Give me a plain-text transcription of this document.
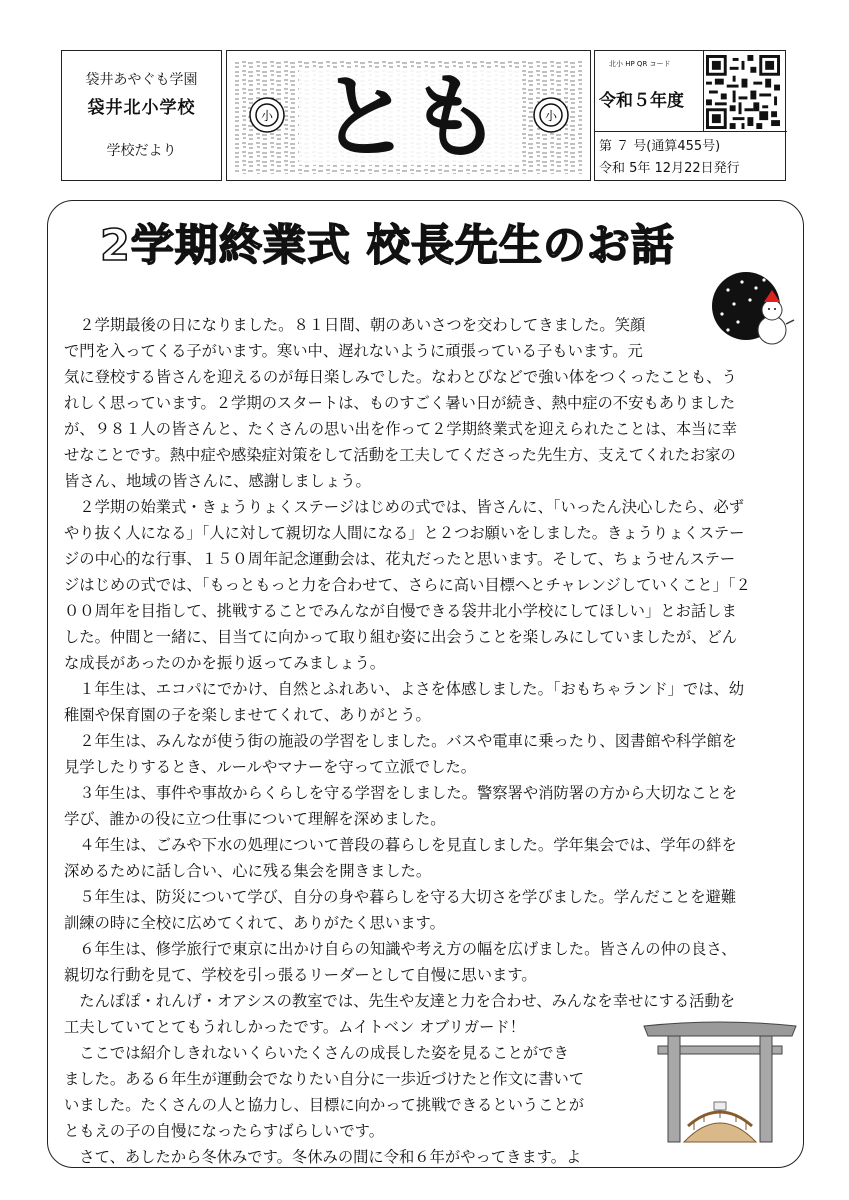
袋井あやぐも学園
袋井北小学校
学校だより
小	小
とも	北小 HP QR コード
令和５年度
第 ７ 号(通算455号)
令和 5年 12月22日発行
2学期終業式 校長先生のお話
２学期最後の日になりました。８１日間、朝のあいさつを交わしてきました。笑顔
で門を入ってくる子がいます。寒い中、遅れないように頑張っている子もいます。元
気に登校する皆さんを迎えるのが毎日楽しみでした。なわとびなどで強い体をつくったことも、う
れしく思っています。２学期のスタートは、ものすごく暑い日が続き、熱中症の不安もありました
が、９８１人の皆さんと、たくさんの思い出を作って２学期終業式を迎えられたことは、本当に幸
せなことです。熱中症や感染症対策をして活動を工夫してくださった先生方、支えてくれたお家の
皆さん、地域の皆さんに、感謝しましょう。
２学期の始業式・きょうりょくステージはじめの式では、皆さんに、「いったん決心したら、必ず
やり抜く人になる」「人に対して親切な人間になる」と２つお願いをしました。きょうりょくステー
ジの中心的な行事、１５０周年記念運動会は、花丸だったと思います。そして、ちょうせんステー
ジはじめの式では、「もっともっと力を合わせて、さらに高い目標へとチャレンジしていくこと」「２
００周年を目指して、挑戦することでみんなが自慢できる袋井北小学校にしてほしい」とお話しま
した。仲間と一緒に、目当てに向かって取り組む姿に出会うことを楽しみにしていましたが、どん
な成長があったのかを振り返ってみましょう。
１年生は、エコパにでかけ、自然とふれあい、よさを体感しました。「おもちゃランド」では、幼
稚園や保育園の子を楽しませてくれて、ありがとう。
２年生は、みんなが使う街の施設の学習をしました。バスや電車に乗ったり、図書館や科学館を
見学したりするとき、ルールやマナーを守って立派でした。
３年生は、事件や事故からくらしを守る学習をしました。警察署や消防署の方から大切なことを
学び、誰かの役に立つ仕事について理解を深めました。
４年生は、ごみや下水の処理について普段の暮らしを見直しました。学年集会では、学年の絆を
深めるために話し合い、心に残る集会を開きました。
５年生は、防災について学び、自分の身や暮らしを守る大切さを学びました。学んだことを避難
訓練の時に全校に広めてくれて、ありがたく思います。
６年生は、修学旅行で東京に出かけ自らの知識や考え方の幅を広げました。皆さんの仲の良さ、
親切な行動を見て、学校を引っ張るリーダーとして自慢に思います。
たんぽぽ・れんげ・オアシスの教室では、先生や友達と力を合わせ、みんなを幸せにする活動を
工夫していてとてもうれしかったです。ムイトベン オブリガード！
ここでは紹介しきれないくらいたくさんの成長した姿を見ることができ
ました。ある６年生が運動会でなりたい自分に一歩近づけたと作文に書いて
いました。たくさんの人と協力し、目標に向かって挑戦できるということが
ともえの子の自慢になったらすばらしいです。
さて、あしたから冬休みです。冬休みの間に令和６年がやってきます。よ
